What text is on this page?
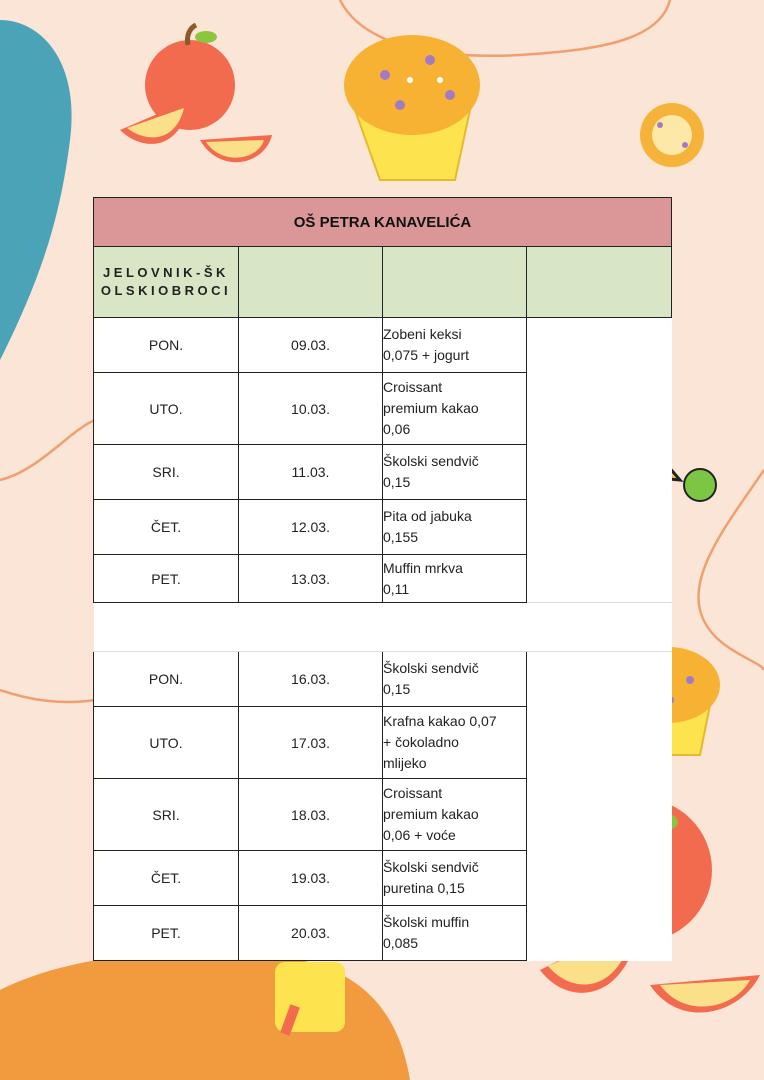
OŠ PETRA KANAVELIĆA			

JELOVNIK-ŠKOLSKIOBROCI			

PON.	09.03.	Zobeni keksi
0,075 + jogurt	

UTO.	10.03.	Croissant
premium kakao
0,06	

SRI.	11.03.	Školski sendvič
0,15	

ČET.	12.03.	Pita od jabuka
0,155	

PET.	13.03.	Muffin mrkva
0,11	

PON.	16.03.	Školski sendvič
0,15	

UTO.	17.03.	Krafna kakao 0,07
+ čokoladno
mlijeko	

SRI.	18.03.	Croissant
premium kakao
0,06 + voće	

ČET.	19.03.	Školski sendvič
puretina 0,15	

PET.	20.03.	Školski muffin
0,085	
